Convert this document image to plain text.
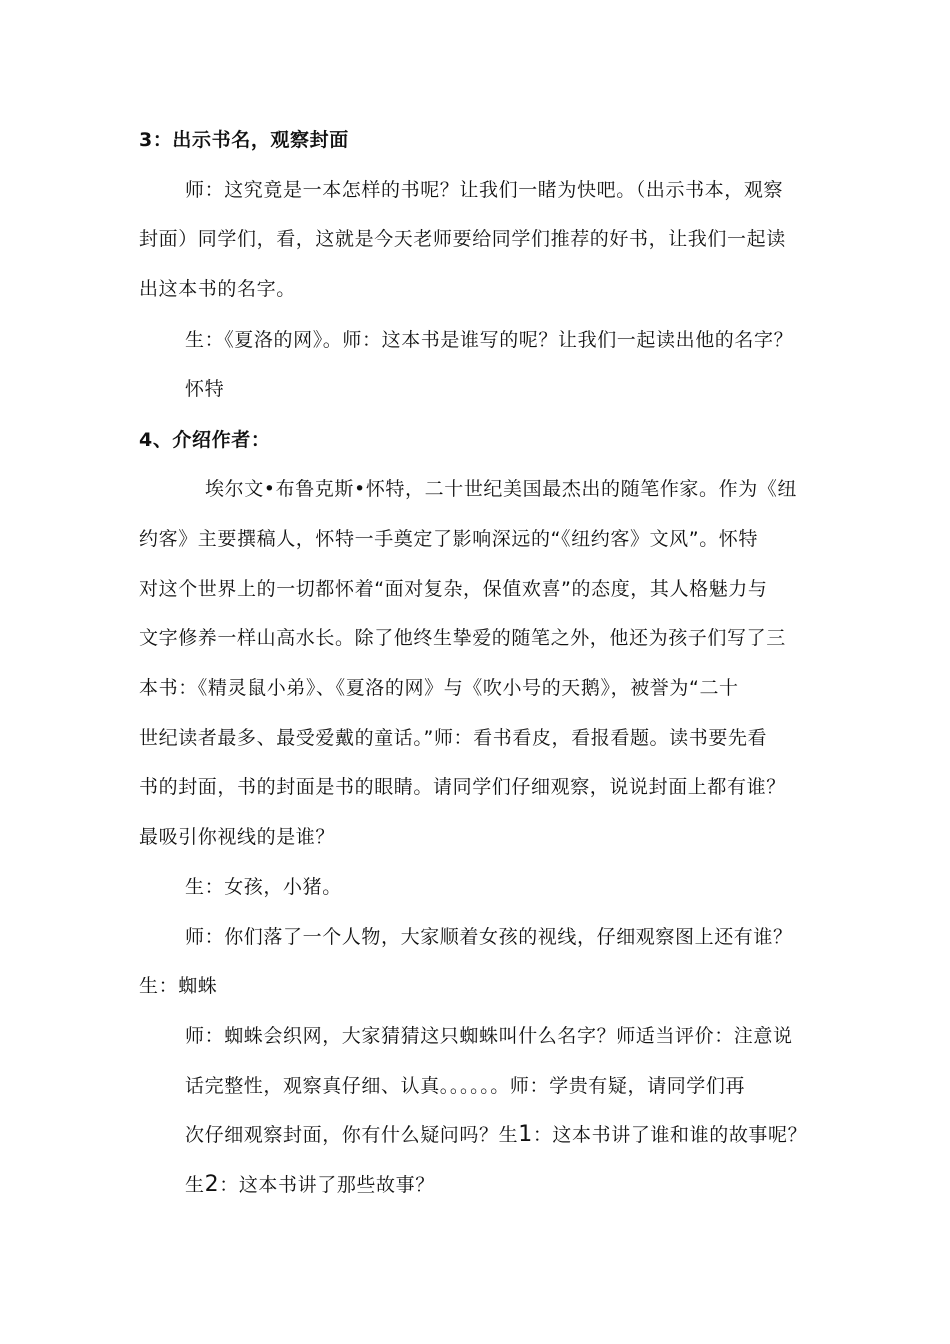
3：出示书名，观察封面
师：这究竟是一本怎样的书呢？让我们一睹为快吧。（出示书本，观察
封面）同学们，看，这就是今天老师要给同学们推荐的好书，让我们一起读
出这本书的名字。
生：《夏洛的网》。师：这本书是谁写的呢？让我们一起读出他的名字？
怀特
4、介绍作者：
埃尔文•布鲁克斯•怀特，二十世纪美国最杰出的随笔作家。作为《纽
约客》主要撰稿人，怀特一手奠定了影响深远的“《纽约客》文风”。怀特
对这个世界上的一切都怀着“面对复杂，保值欢喜”的态度，其人格魅力与
文字修养一样山高水长。除了他终生挚爱的随笔之外，他还为孩子们写了三
本书：《精灵鼠小弟》、《夏洛的网》与《吹小号的天鹅》，被誉为“二十
世纪读者最多、最受爱戴的童话。”师：看书看皮，看报看题。读书要先看
书的封面，书的封面是书的眼睛。请同学们仔细观察，说说封面上都有谁？
最吸引你视线的是谁？
生：女孩，小猪。
师：你们落了一个人物，大家顺着女孩的视线，仔细观察图上还有谁？
生：蜘蛛
师：蜘蛛会织网，大家猜猜这只蜘蛛叫什么名字？师适当评价：注意说
话完整性，观察真仔细、认真。。。。。。师：学贵有疑，请同学们再
次仔细观察封面，你有什么疑问吗？生1：这本书讲了谁和谁的故事呢？
生2：这本书讲了那些故事？
